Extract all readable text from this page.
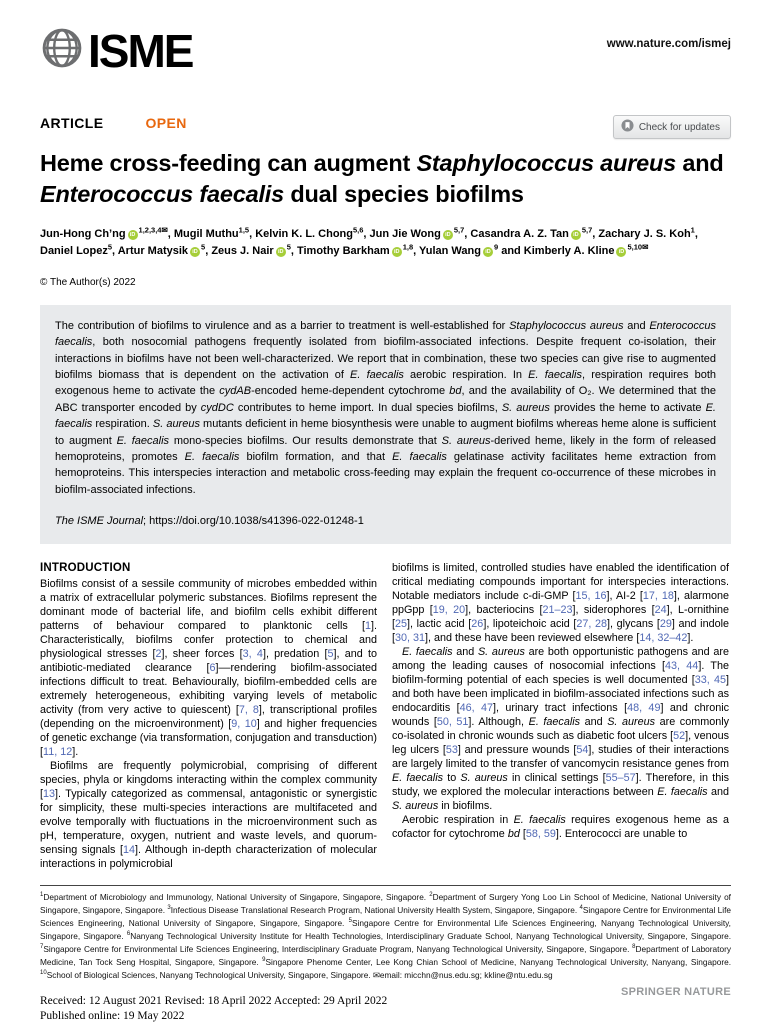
ISME	www.nature.com/ismej
ARTICLE	OPEN	Check for updates
Heme cross-feeding can augment Staphylococcus aureus and Enterococcus faecalis dual species biofilms
Jun-Hong Ch’ng $iD^{1,2,3,4✉}$, Mugil Muthu$^{1,5}$, Kelvin K. L. Chong$^{5,6}$, Jun Jie Wong iD$^{5,7}$, Casandra A. Z. Tan iD$^{5,7}$, Zachary J. S. Koh$^1$, Daniel Lopez$^5$, Artur Matysik $iD^5$, Zeus J. Nair $iD^5$, Timothy Barkham iD$^{1,8}$, Yulan Wang $iD^9$ and Kimberly A. Kline $iD^{5,10✉}$
© The Author(s) 2022
The contribution of biofilms to virulence and as a barrier to treatment is well-established for Staphylococcus aureus and Enterococcus faecalis, both nosocomial pathogens frequently isolated from biofilm-associated infections. Despite frequent co-isolation, their interactions in biofilms have not been well-characterized. We report that in combination, these two species can give rise to augmented biofilms biomass that is dependent on the activation of E. faecalis aerobic respiration. In E. faecalis, respiration requires both exogenous heme to activate the cydAB-encoded heme-dependent cytochrome bd, and the availability of O₂. We determined that the ABC transporter encoded by cydDC contributes to heme import. In dual species biofilms, S. aureus provides the heme to activate E. faecalis respiration. S. aureus mutants deficient in heme biosynthesis were unable to augment biofilms whereas heme alone is sufficient to augment E. faecalis mono-species biofilms. Our results demonstrate that S. aureus-derived heme, likely in the form of released hemoproteins, promotes E. faecalis biofilm formation, and that E. faecalis gelatinase activity facilitates heme extraction from hemoproteins. This interspecies interaction and metabolic cross-feeding may explain the frequent co-occurrence of these microbes in biofilm-associated infections.
The ISME Journal; https://doi.org/10.1038/s41396-022-01248-1
INTRODUCTION

Biofilms consist of a sessile community of microbes embedded within a matrix of extracellular polymeric substances. Biofilms represent the dominant mode of bacterial life, and biofilm cells exhibit different patterns of behaviour compared to planktonic cells [1]. Characteristically, biofilms confer protection to chemical and physiological stresses [2], sheer forces [3, 4], predation [5], and to antibiotic-mediated clearance [6]––rendering biofilm-associated infections difficult to treat. Behaviourally, biofilm-embedded cells are extremely heterogeneous, exhibiting varying levels of metabolic activity (from very active to quiescent) [7, 8], transcriptional profiles (depending on the microenvironment) [9, 10] and higher frequencies of genetic exchange (via transformation, conjugation and transduction) [11, 12].

Biofilms are frequently polymicrobial, comprising of different species, phyla or kingdoms interacting within the complex community [13]. Typically categorized as commensal, antagonistic or synergistic for simplicity, these multi-species interactions are multifaceted and evolve temporally with fluctuations in the microenvironment such as pH, temperature, oxygen, nutrient and waste levels, and quorum-sensing signals [14]. Although in-depth characterization of molecular interactions in polymicrobial

biofilms is limited, controlled studies have enabled the identification of critical mediating compounds important for interspecies interactions. Notable mediators include c-di-GMP [15, 16], AI-2 [17, 18], alarmone ppGpp [19, 20], bacteriocins [21–23], siderophores [24], L-ornithine [25], lactic acid [26], lipoteichoic acid [27, 28], glycans [29] and indole [30, 31], and these have been reviewed elsewhere [14, 32–42].

E. faecalis and S. aureus are both opportunistic pathogens and are among the leading causes of nosocomial infections [43, 44]. The biofilm-forming potential of each species is well documented [33, 45] and both have been implicated in biofilm-associated infections such as endocarditis [46, 47], urinary tract infections [48, 49] and chronic wounds [50, 51]. Although, E. faecalis and S. aureus are commonly co-isolated in chronic wounds such as diabetic foot ulcers [52], venous leg ulcers [53] and pressure wounds [54], studies of their interactions are largely limited to the transfer of vancomycin resistance genes from E. faecalis to S. aureus in clinical settings [55–57]. Therefore, in this study, we explored the molecular interactions between E. faecalis and S. aureus in biofilms.

Aerobic respiration in E. faecalis requires exogenous heme as a cofactor for cytochrome bd [58, 59]. Enterococci are unable to

$^1$Department of Microbiology and Immunology, National University of Singapore, Singapore, Singapore. $^2$Department of Surgery Yong Loo Lin School of Medicine, National University of Singapore, Singapore, Singapore. $^3$Infectious Disease Translational Research Program, National University Health System, Singapore, Singapore. $^4$Singapore Centre for Environmental Life Sciences Engineering, National University of Singapore, Singapore, Singapore. $^5$Singapore Centre for Environmental Life Sciences Engineering, Nanyang Technological University, Singapore, Singapore. $^6$Nanyang Technological University Institute for Health Technologies, Interdisciplinary Graduate School, Nanyang Technological University, Singapore, Singapore. $^7$Singapore Centre for Environmental Life Sciences Engineering, Interdisciplinary Graduate Program, Nanyang Technological University, Singapore, Singapore. $^8$Department of Laboratory Medicine, Tan Tock Seng Hospital, Singapore, Singapore. $^9$Singapore Phenome Center, Lee Kong Chian School of Medicine, Nanyang Technological University, Nanyang, Singapore. $^{10}$School of Biological Sciences, Nanyang Technological University, Singapore, Singapore. ✉email: micchn@nus.edu.sg; kkline@ntu.edu.sg
Received: 12 August 2021 Revised: 18 April 2022 Accepted: 29 April 2022
Published online: 19 May 2022
SPRINGER NATURE
